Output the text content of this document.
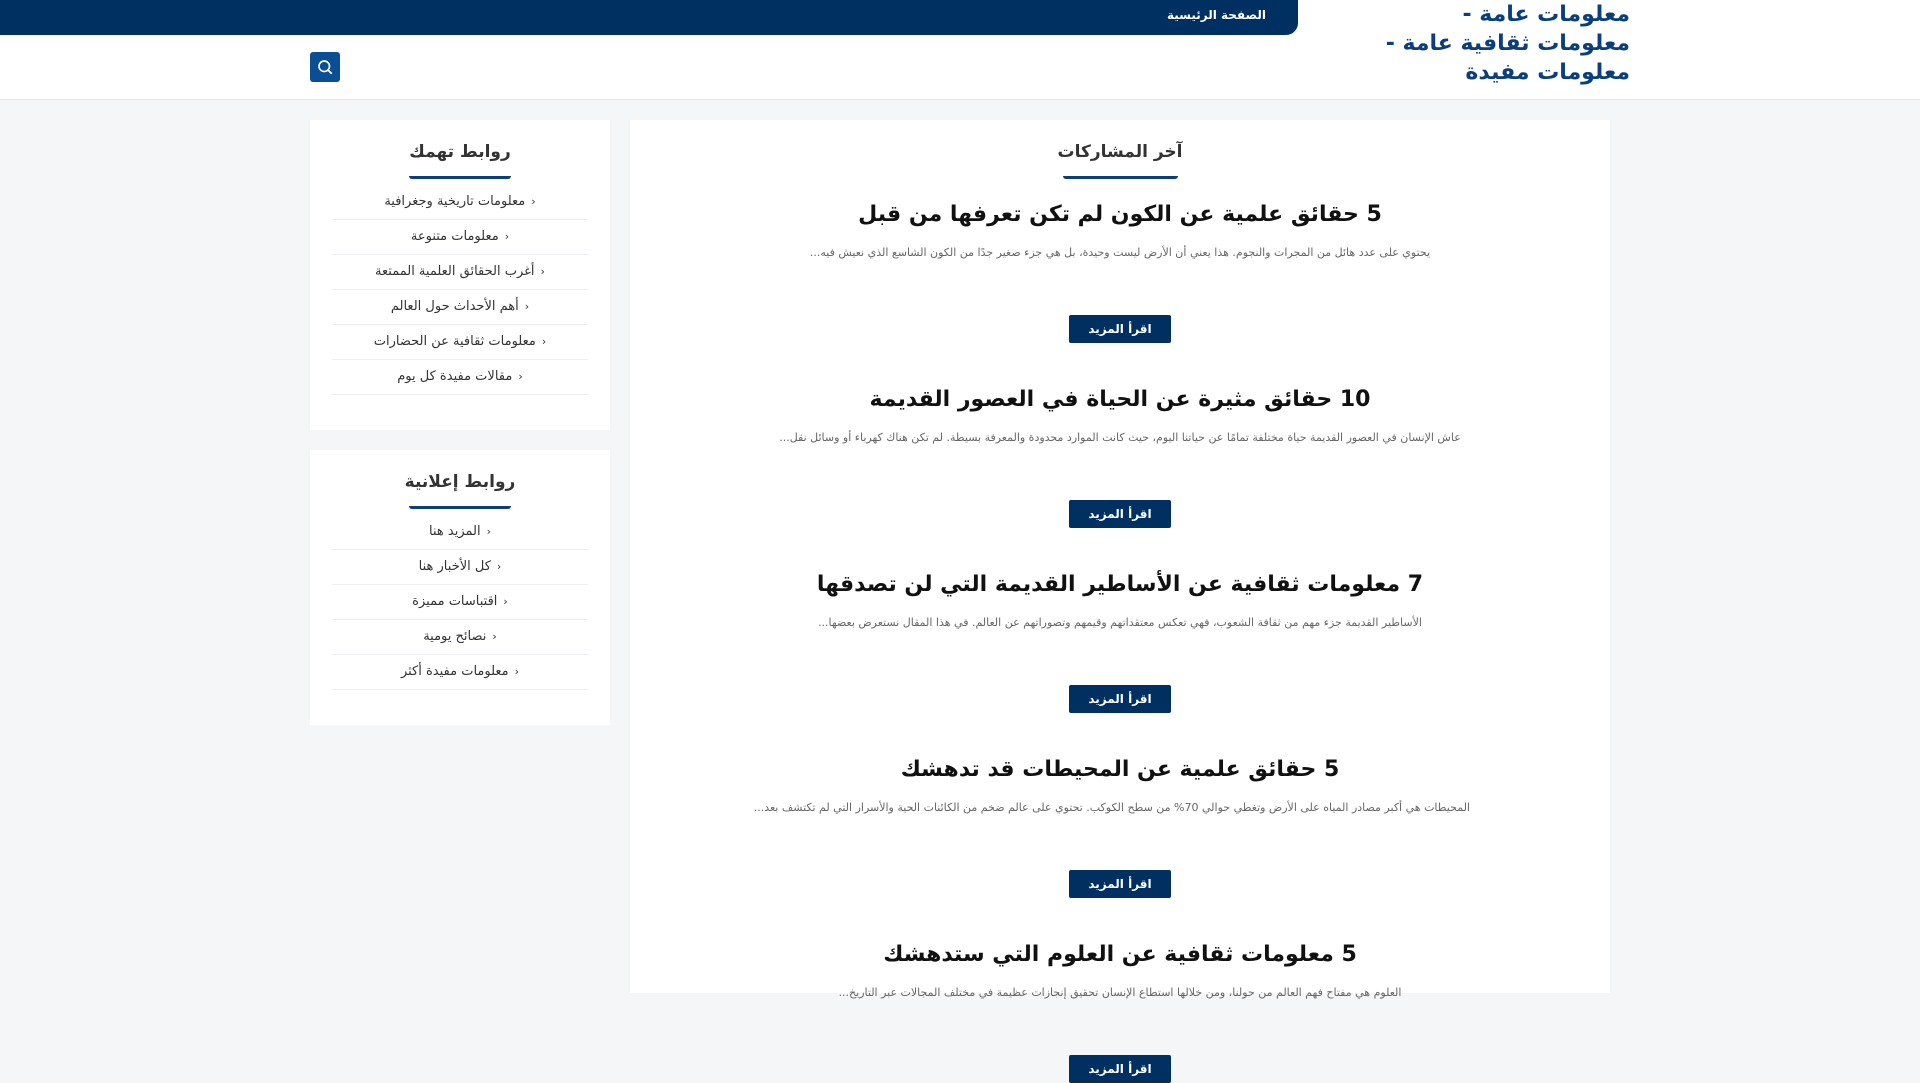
الصفحة الرئيسية	معلومات عامة -
معلومات ثقافية عامة -
معلومات مفيدة
روابط تهمك
‹معلومات تاريخية وجغرافية
‹معلومات متنوعة
‹أغرب الحقائق العلمية الممتعة
‹أهم الأحداث حول العالم
‹معلومات ثقافية عن الحضارات
‹مقالات مفيدة كل يوم
روابط إعلانية
‹المزيد هنا
‹كل الأخبار هنا
‹اقتباسات مميزة
‹نصائح يومية
‹معلومات مفيدة أكثر
آخر المشاركات
5 حقائق علمية عن الكون لم تكن تعرفها من قبل

يحتوي على عدد هائل من المجرات والنجوم. هذا يعني أن الأرض ليست وحيدة، بل هي جزء صغير جدًا من الكون الشاسع الذي نعيش فيه...

اقرأ المزيد
10 حقائق مثيرة عن الحياة في العصور القديمة

عاش الإنسان في العصور القديمة حياة مختلفة تمامًا عن حياتنا اليوم، حيث كانت الموارد محدودة والمعرفة بسيطة. لم تكن هناك كهرباء أو وسائل نقل...

اقرأ المزيد
7 معلومات ثقافية عن الأساطير القديمة التي لن تصدقها

الأساطير القديمة جزء مهم من ثقافة الشعوب، فهي تعكس معتقداتهم وقيمهم وتصوراتهم عن العالم. في هذا المقال نستعرض بعضها...

اقرأ المزيد
5 حقائق علمية عن المحيطات قد تدهشك

المحيطات هي أكبر مصادر المياه على الأرض وتغطي حوالي 70% من سطح الكوكب. تحتوي على عالم ضخم من الكائنات الحية والأسرار التي لم تكتشف بعد...

اقرأ المزيد
5 معلومات ثقافية عن العلوم التي ستدهشك

العلوم هي مفتاح فهم العالم من حولنا، ومن خلالها استطاع الإنسان تحقيق إنجازات عظيمة في مختلف المجالات عبر التاريخ...

اقرأ المزيد
